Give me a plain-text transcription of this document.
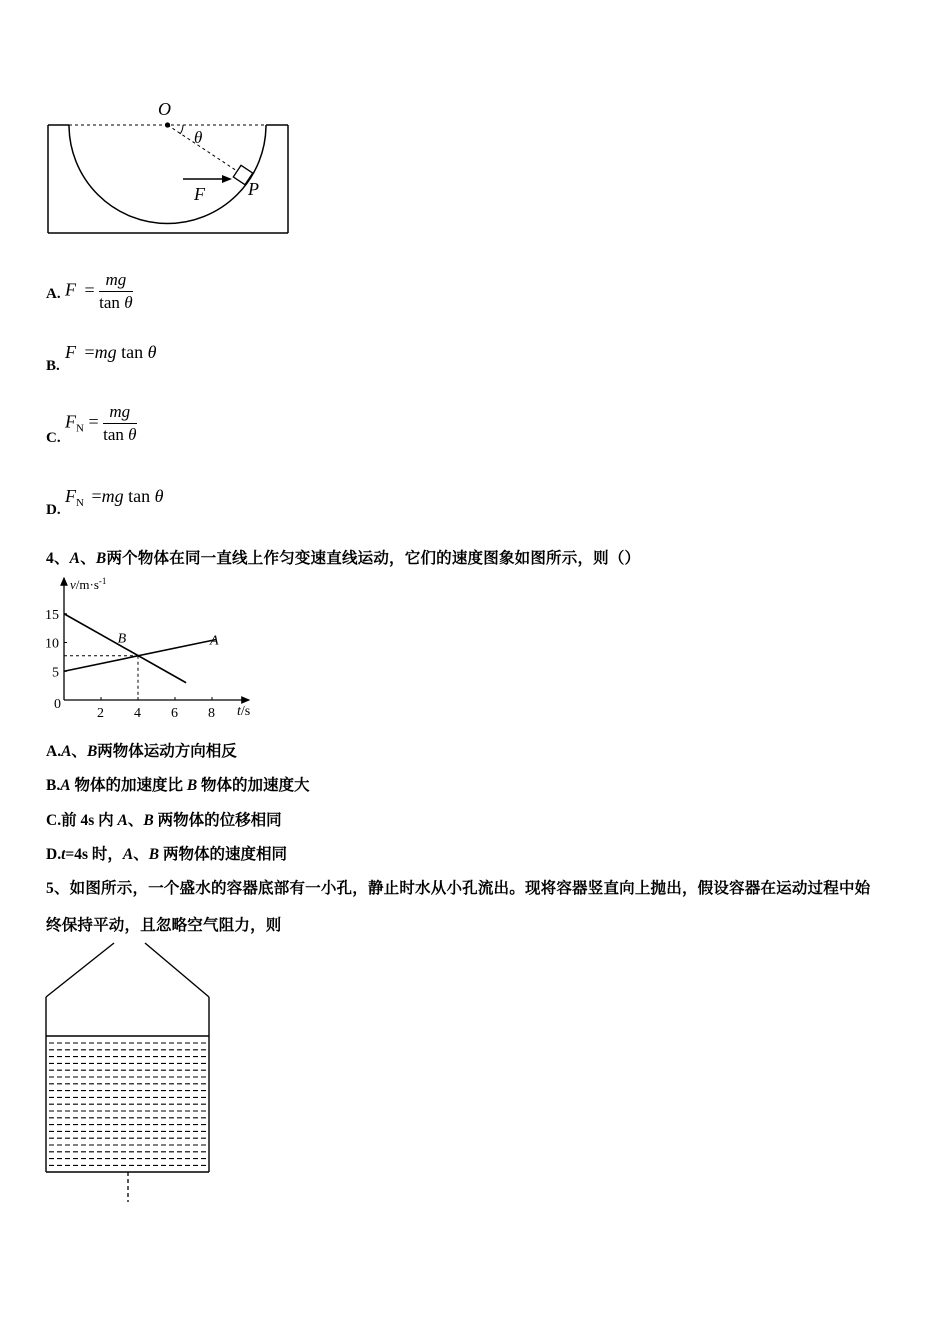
O
θ
F P
A. $F = \frac{mg}{\text{tan θ}}$
B.
F =mg tan θ
C.
$F_N = \frac{mg}{\text{tan θ}}$
D.
$F_N =mg$ tan θ
4、A、B两个物体在同一直线上作匀变速直线运动，它们的速度图象如图所示，则（）
2 4 6 8
5
10
15
A
B
$v/m\cdot s^{-1}$
t/s
0
A.A、B两物体运动方向相反
B.A 物体的加速度比 B 物体的加速度大
C.前 4s 内 A、B 两物体的位移相同
D.t=4s 时，A、B 两物体的速度相同
5、如图所示，一个盛水的容器底部有一小孔，静止时水从小孔流出。现将容器竖直向上抛出，假设容器在运动过程中始
终保持平动，且忽略空气阻力，则
